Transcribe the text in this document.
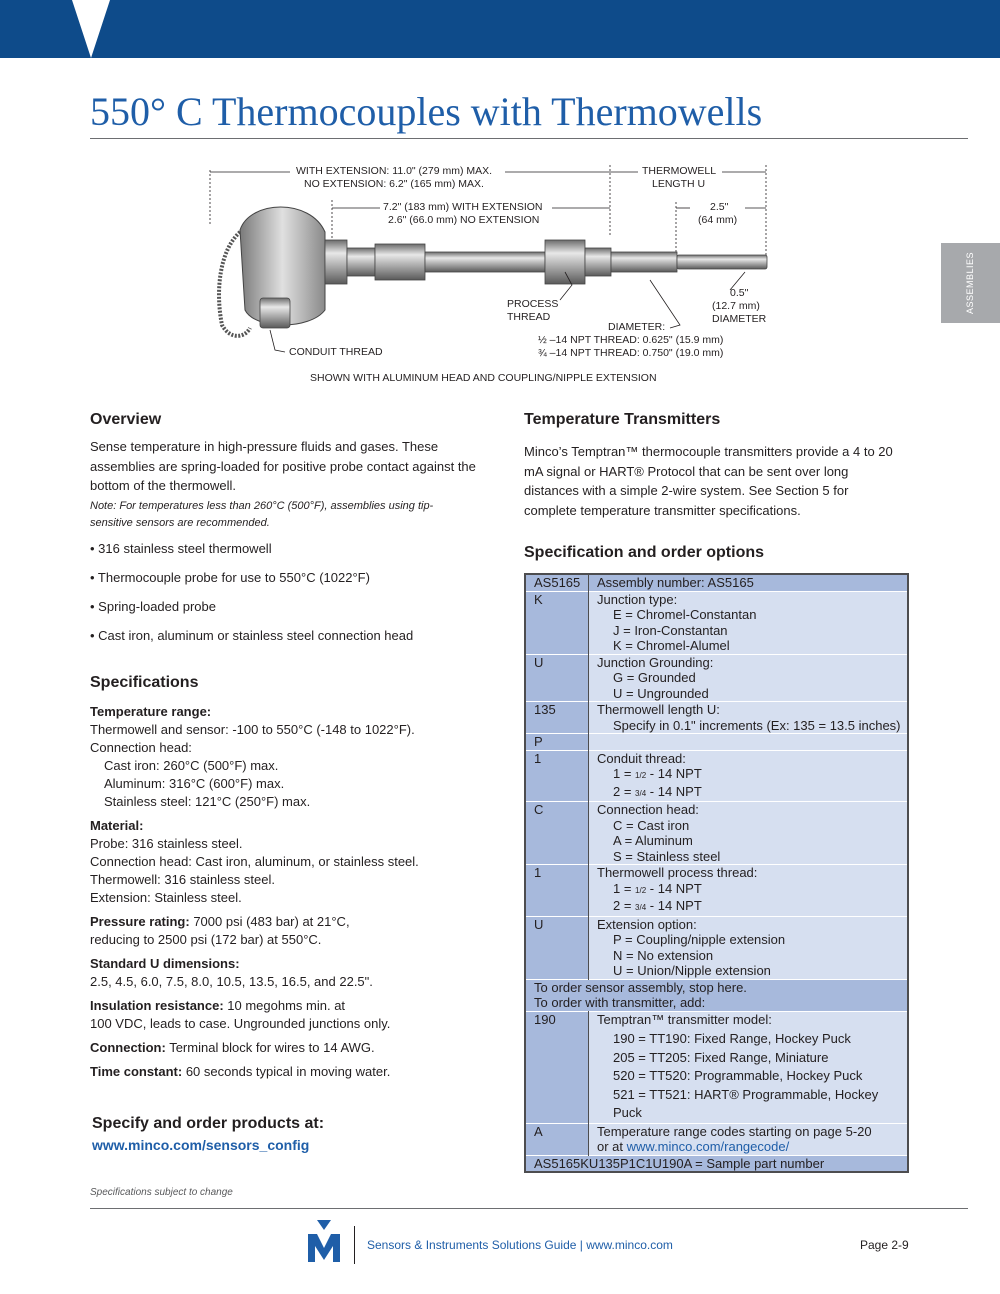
550° C Thermocouples with Thermowells
ASSEMBLIES
WITH EXTENSION: 11.0" (279 mm) MAX.
NO EXTENSION: 6.2" (165 mm) MAX.
THERMOWELL
LENGTH U
7.2" (183 mm) WITH EXTENSION
2.6" (66.0 mm) NO EXTENSION
2.5"
(64 mm)
0.5"
(12.7 mm)
DIAMETER
PROCESS
THREAD
DIAMETER:
½ –14 NPT THREAD: 0.625" (15.9 mm)
¾ –14 NPT THREAD: 0.750" (19.0 mm)
CONDUIT THREAD
SHOWN WITH ALUMINUM HEAD AND COUPLING/NIPPLE EXTENSION
Overview
Sense temperature in high-pressure fluids and gases. These assemblies are spring-loaded for positive probe contact against the bottom of the thermowell.
Note: For temperatures less than 260°C (500°F), assemblies using tip-sensitive sensors are recommended.
• 316 stainless steel thermowell
• Thermocouple probe for use to 550°C (1022°F)
• Spring-loaded probe
• Cast iron, aluminum or stainless steel connection head
Specifications
Temperature range:
Thermowell and sensor: -100 to 550°C (-148 to 1022°F).
Connection head:
Cast iron: 260°C (500°F) max.
Aluminum: 316°C (600°F) max.
Stainless steel: 121°C (250°F) max.
Material:
Probe: 316 stainless steel.
Connection head: Cast iron, aluminum, or stainless steel.
Thermowell: 316 stainless steel.
Extension: Stainless steel.
Pressure rating: 7000 psi (483 bar) at 21°C,
reducing to 2500 psi (172 bar) at 550°C.
Standard U dimensions:
2.5, 4.5, 6.0, 7.5, 8.0, 10.5, 13.5, 16.5, and 22.5".
Insulation resistance: 10 megohms min. at
100 VDC, leads to case. Ungrounded junctions only.
Connection: Terminal block for wires to 14 AWG.
Time constant: 60 seconds typical in moving water.
Specify and order products at:
www.minco.com/sensors_config
Specifications subject to change
Temperature Transmitters
Minco’s Temptran™ thermocouple transmitters provide a 4 to 20 mA signal or HART® Protocol that can be sent over long distances with a simple 2-wire system. See Section 5 for complete temperature transmitter specifications.
Specification and order options
AS5165	Assembly number: AS5165
K	Junction type:
E = Chromel-Constantan
J = Iron-Constantan
K = Chromel-Alumel

U	Junction Grounding:
G = Grounded
U = Ungrounded

135	Thermowell length U:
Specify in 0.1" increments (Ex: 135 = 13.5 inches)

P	
1	Conduit thread:
1 = 1/2 - 14 NPT
2 = 3/4 - 14 NPT

C	Connection head:
C = Cast iron
A = Aluminum
S = Stainless steel

1	Thermowell process thread:
1 = 1/2 - 14 NPT
2 = 3/4 - 14 NPT

U	Extension option:
P = Coupling/nipple extension
N = No extension
U = Union/Nipple extension

To order sensor assembly, stop here.
To order with transmitter, add:	

190	Temptran™ transmitter model:
190 = TT190: Fixed Range, Hockey Puck
205 = TT205: Fixed Range, Miniature
520 = TT520: Programmable, Hockey Puck
521 = TT521: HART® Programmable, Hockey Puck

A	Temperature range codes starting on page 5-20
or at www.minco.com/rangecode/

AS5165KU135P1C1U190A = Sample part number	
Sensors & Instruments Solutions Guide | www.minco.com	Page 2-9
